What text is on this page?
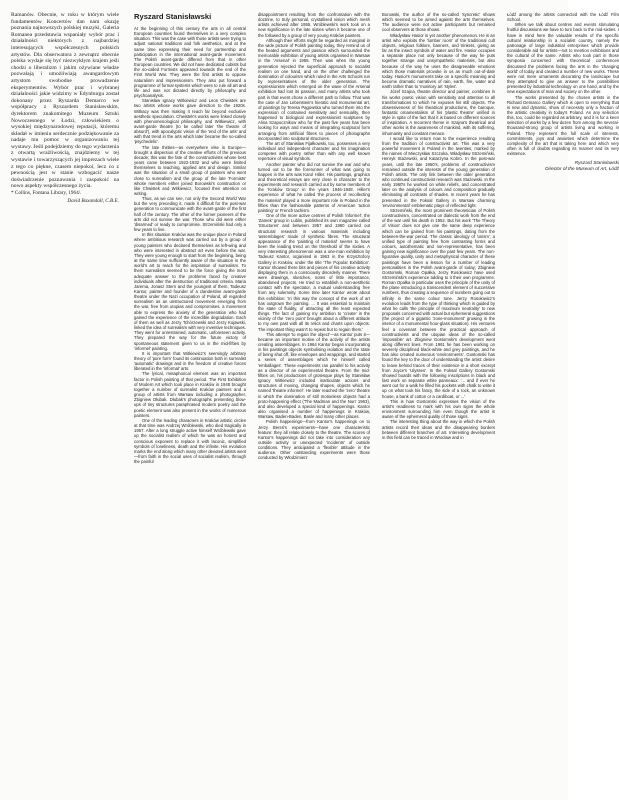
Ramanów. Obecnie, w roku w którym wiele fundamentów Koncertów dan nam okazję poznania najnowszych polskiej muzyki, Galeria Romanea przedstawia wspaniały wybór prac i działalności niektórych z najbardziej interesujących współczesnych polskich artystów. Dla obserwatora z zewnątrz obecnie polska wydaje się być niezwykłym krajem jeśli chodzi o liberalizm i jakim ożywiane władze pozwalają i umożliwiają awangardowym artystom swobodne prowadzenie eksperymentów. Wybór prac i wybranej działalności jakie widzimy w Edynburgu został dokonany przez Ryszarda Demarco we współpracy z Ryszardem Stanisławskim, dyrektorem znakomitego Muzeum Sztuki Nowoczesnego w Łodzi, człowiekiem o wysokiej międzynarodowej reputacji, któremu składał w imieniu serdecznie podziękowanie za nadaje mu pomoc w organizowaniu tej wystawy. Jeśli podejdziemy do tego wydarzenia z otwartą wrażliwością, znajdziemy w tej wystawie i towarzyszących jej imprezach wiele z tego co piękne, czasem niepokoi, lecz co z pewnością jest w stanie wzbogacić nasze doświadczenie poznawania i zaspokoić na nowo aspekty współczesnego życia.

* Collins, Fontana Library, 1964/.

David Baxandall, C.B.E.

Ryszard Stanisławski

At the beginning of this century the arts in all central European countries found themselves in a very complex situation. This was the case with those artists were trying to adjust national traditions and folk aesthetics, and at the same time expressing their need for partnership and participation in the international avant-garde movement. The Polish avant-garde differed from that in other European countries. We did not have dedicated cubists but the so-called Formists appeared towards the end of the First World War. They were the first artists to oppose naturalism and impressionism. They also put forward a programme of formal systems which were to rule all art and life and was not dictated directly by philosophy and psychoanalysis.

Stanisław Ignacy Witkiewicz and Leon Chwistek are two artists whose works gave direction to the 1920s. Witkacy was then making it reach far beyond exclusive aesthetic speculation. Chwistek's works were linked closely with phenomenological philosophy, and Witkiewicz, with avant-garde theatre (to be called later 'the theatre of absurd'), with apocalyptic vision of the 'end of the arts' and with that trend in the arts which later became the so-called 'psychedelic'.

The late thirties—as everywhere else in Europe—brought a dispersion of the creative efforts of the previous decade; this was the fate of the constructivists whose best years came between 1922-1932 and who were limited themselves to teaching, applied arts and design. Similar was the situation of a small group of painters who went close to surrealism and the group of the late 'Formists' whose members either joined Borowski's construction or like Chwistek and Witkiewicz, focused their attention on writing.

Thus, as we can see, not only the Second World War but the very preceding it, made it difficult for the post-war generation to communicate with the avant-garde of the first half of the century. The other of the former pioneers of the arts did not survive the war. Those who did were either 'disarmed' or ready to compromise. Strzemiński had only a few years to live.

In this situation Kraków was the unique place in Poland where ambitious research was carried out by a group of young painters who declared themselves as left-wing and who were interested in abstract art even before the war. They were young enough to start from the beginning, being at the same time sufficiently aware of the situation in the world's art to reach for the inspiration of surrealism. To them surrealism seemed to be the force giving the most adequate answer to the problems faced by creative individuals after the destruction of traditional criteria. Maria Jarema, Jonasz Stern and the youngest of them, Tadeusz Kantor, painter and founder of a clandestine avant-garde theatre under the Nazi occupation of Poland, all regarded surrealism as an unstructured movement emerging from the war, free from utopias and compromises, a movement able to express the anxiety of the generation who had gained the experience of the incredible degradation. Each of them as well as Jerzy Tchórzewski and Jerzy Kujawski, linked the idea of surrealism with very inventive techniques. They went for unrestrained, automatic, unforeseen activity. They prepared the way for the future victory of spontaneous statement given to us in the mid-fifties by 'informel' painting.

It is important that Witkiewicz's seemingly arbitrary theory of 'pure form' found its continuation both in surrealist 'automatic' drawings and in the freedom of creative forces liberated in the 'informal' arts.

The lyrical, metaphorical element was an important factor in Polish painting of that period. The First Exhibition of Modern Art which took place in Kraków in 1948 brought together a number of surrealist Kraków painters and a group of artists from Warsaw including a photographer, Zbigniew Dłubak. Dłubak's photographs presenting blow-ups of tiny structures paraphrased modern poetry and the poetic element was also present in the works of numerous painters.

One of the leading characters in Kraków artistic circles at that time was Andrzej Wróblewski, who died tragically in 1957. After a long struggle active himself Wróblewski gave up the socialist realism of which he was an honest and conscious exponent to replace it with laconic, simplified symbols of loneliness, death and the infinite. His evolution marks the end along which many other devoted artists went—from faith in the social uses of socialist realism, through the painful

disappointment resulting from the confrontation with the doctrine, to truly personal, crystallised vision which mesh artists achieved after 1955. Wróblewski's work took on a new significance in the late sixties when it became one of the followed by a group of very young Kraków painters.

Although their efforts might be regarded as marginal in the wide picture of Polish painting today, they remind us of the heated arguments and passion which surrounded the memorable exhibition of young artists organised in Warsaw in the 'Arsenal' in 1955. Then was when the young generation rejected the superficial approach to socialist realism on one hand, and on the other challenged the domination of colourism which ruled in the Arts Schools run by representatives of the older generation. The expressionism which emerged on the wave of the Arsenal exhibition had lost its passion, and many artists who took part in that event chose a different path to follow. That was the case of Jan Lebenstein's hieratic and monumental art, of paintings by Teresa Pągowska who turned them into the expression of contained sensitivity and sensuality, then happened to biological and expressionist sculptures by Alina Szapocznikow who for the past five years has been looking for ways and means of integrating sculptural form arranging from artificial fibres to pieces of photographs incorporated into sculptural structures.

The art of Stanisław Fijałkowski, too, possesses a very individual and independent character and his imagination competes with poetry rather than with any well known repertoire of visual symbols.

Another painter who did not survive the war and who turned out to be the forerunner of what was going to happen in the arts was Karol Hiller. His paintings, graphics and theoretical essays are very close in character to the experiments and research carried out by some members of the 'Kraków Group' in the years 1946-1948. Hiller's experience of what he called 'the process of recollecting the material' played a more important role in Poland in the fifties than the fashionable patterns of American 'action painting' or French tachism.

One of the more active centres of Polish 'informel', the 'Zamek' group in Lublin, published its own magazine called 'Structures' and between 1957 and 1960 carried out structural research in various materials including 'assemblages' made of synthetic fibres. The structural appearance of the 'painting of material' seems to have been the leading trend on the threshold of the sixties. A very interesting phenomenon was a one-man exhibition by Tadeusz Kantor, organised in 1963 in the Krzysztofory Gallery in Kraków, under the title 'The Popular Exhibition'. Kantor showed there bits and pieces of his creative activity displaying them in a consciously disorderly manner. There were drawings, sketches, notes of little importance, abandoned projects. He tried to establish a non-aesthetic contact with the spectator, a mutual understanding free from any solemnity. Some time later Kantor wrote about this exhibition: 'In this way the concept of the work of art has outgrown the painting. ... It was essential to maintain the state of fluidity, of attracting all the least expected things. The fact of gaining my ambition to 'create' in the vicinity of the 'zero point' brought about a different attitude to my own past with all its relics and charts upon objects. The important thing wasn't to repeat but to regain them.'

This attempt 'to regain the object'—as Kantor puts it—became an important motive of the activity of the artists creating assemblages. In 1964 Kantor began incorporating in his paintings objects symbolising isolation and the state of being shut off, like envelopes and wrappings, and started a series of assemblages which he himself called 'emballages'. These experiments ran parallel to his activity as a director of an experimental theatre. From the mid-fifties on, his productions of grotesque plays by Stanisław Ignacy Witkiewicz included inarticulate actions and structures of moving, changing shapes, objects which he named 'theatre informel'. He later reached the 'zero' theatre in which the domination of still motionless objects had a proto-happening effect ('The Madman and the Nun' 1963), and also developed a special kind of happenings. Kantor also organised a number of happenings in Kraków, Warsaw, Baden-Baden, Basle and many other places.

Polish happenings—from Kantor's happenings on to Jerzy Bereś's experiments—have one characteristic feature: they all relate closely to the theatre. The scores of Kantor's happenings did not take into consideration any outside activity or unexpected 'incidents' of outside conditions. They anticipated a 'flexible' attitude in the audience. Other outstanding experiments were those conducted by Włodzimierz

Borowski, the author of the so-called 'syncretic' shows which seemed to be aimed against the arts themselves. The audience were not active participants but remained cool observers at those shows.

Władysław Hasior is yet another phenomenon. He is an artist who exploits the 'lumber room' of the traditional cult objects, religious folklore, banners, and trinkets, giving as far as the insect symbols of water and fire. Hasior occupies a separate place not only because of the way he puts together strange and unsympathetic materials, but also because of the way he uses the disagreeable emotions which those materials provoke in us as much out-of-date today. Hasior's monuments take on a specific meaning and become dramatic narratives of rain, earth, fire, water and earth rather than to 'monitory art 'styles'.

Józef Szajna, theatre director and painter, combines in his works poetic vision with sensitivity and attention to all transformations to which he exposes his still objects. The obsessiveness of his theatrical productions, the baroque, fantastic ornamentalism of his 'plastic theatre' unified in style in spite of the fact that it is based on different sources of inspiration. A recurrent theme in Szajna's theatrical and other works is the awareness of mankind, with its suffering, inhumanity and constant menace.

I would like to return now to the experience resulting from the tradition of constructivist art. This was a very powerful movement in Poland in the twenties, marked by the names of Mieczysław Szczuka, Władysław Strzemiński, Henryk Stażewski, and Katarzyna Kobro. In the post-war years, until the late 1950's, problems of constructivism remained outside the interests of the young generation of Polish artists. The only link between the older generation who continued constructivist research was Stażewski. In the early 1960's he worked on white reliefs, and concentrated later on the analysis of colours and composition gradually eliminating all contrasts of shades. In recent years he has presented in the Foksal Gallery in Warsaw charming 'environmental' emblematic plays of reflected light.

Strzemiński, the most prominent theoretician of Polish constructivism, concentrated on dialectic work from the end of the war until his death in 1952. But his work 'The Theory of Vision' does not give one the same deep experience which can be gained from his paintings, dating from the between-the-war period. The classic ideology of 'unism', a unified type of painting free from contrasting forms and colours, autothematic and non-representative, has been gaining new significance over the past few years. The non-figurative quality, unity and metaphysical character of these paintings have been a lesson for a number of leading personalities in the Polish avant-garde of today; Zbigniew Gostomski, Roman Opałka, Jerzy Rosołowicz have used Strzemiński's experience adding to it their own programme. Roman Opałka in particular uses the principle of the unity of the plane introducing a transcendent element of successive numbers, thus creating a sequence of numbers going out to infinity in the same colour tone. Jerzy Rosołowicz's evolution leads from the type of thinking which is guided by what he calls 'the principle of maximum neutrality' to new proposals concerned with actual but ephemeral suggestions (the project of a gigantic 'zone-monument' growing in the interior of a monumental hour-glass situation). His ventures feel a covenant between the practical approach of constructivists and the utopian ideas of the so-called 'impossible' art. Zbigniew Gostomski's development went along different lines. From 1961 he has been working on severely disciplined black-white and grey paintings, and he has also created numerous 'environments'. Gostomski has found the key to the door of understanding the artist: desire to leave behind traces of their existence in a short excerpt from Joyce's 'Ulysses'. In the Foksal Gallery Gostomski showed boards with the following inscriptions in black and fast work on separate white panneaux: '... and if ever he went out for a walk he filled his pockets with chalk to write it up on what took his fancy, the side of a rock, an unknown house, a bank of cotton or a cardiboat, or ...'

This is how Gostomski expresses the vision of the artist's readiness to mark with his own signs the whole environment surrounding him even though the artist is aware of the ephemeral quality of those signs.

The interesting thing about the way in which the Polish artists record their ideas and the disappearing borders between different branches of art. Interesting development in this field can be traced in Wrocław and in

Łódź among the artists connected with the Łódź Film School.

When we talk about centres and events stimulating fruitful discussions we have to turn back to the mid-sixties. I have in mind here the valuable results of the specific cultural relationship in a socialist country, namely the patronage of large industrial enterprises which provide considerable aid for artists—not to mention exhibitions and the cultural of the same. Artists who took part in those symposia concerned with theoretical conferences discussed the problems facing the arts in the 'changing world' of today and created a number of new works. These were not mere ornaments decorating the landscape but they attempted to give an answer to the possibilities presented by industrial technology on one hand, and by the new expectations of man and society on the other.

The works presented by the chosen artists in the Richard Demarco Gallery which is open to everything that is new and dynamic, show of necessity only a fraction of the artistic creativity in today's Poland. As any selection this, too, could be regarded as arbitrary, and it is for a keen selection of works by a few dozen from among the several-thousand-strong group of artists living and working in Poland. They represent the full scale of interests, commitments, joys and anxieties which determine the complexity of the art that is taking here and which very often is full of doubts regarding its manner and its very existence.

Ryszard Stanisławski

Director of the Museum of Art, Łódź
